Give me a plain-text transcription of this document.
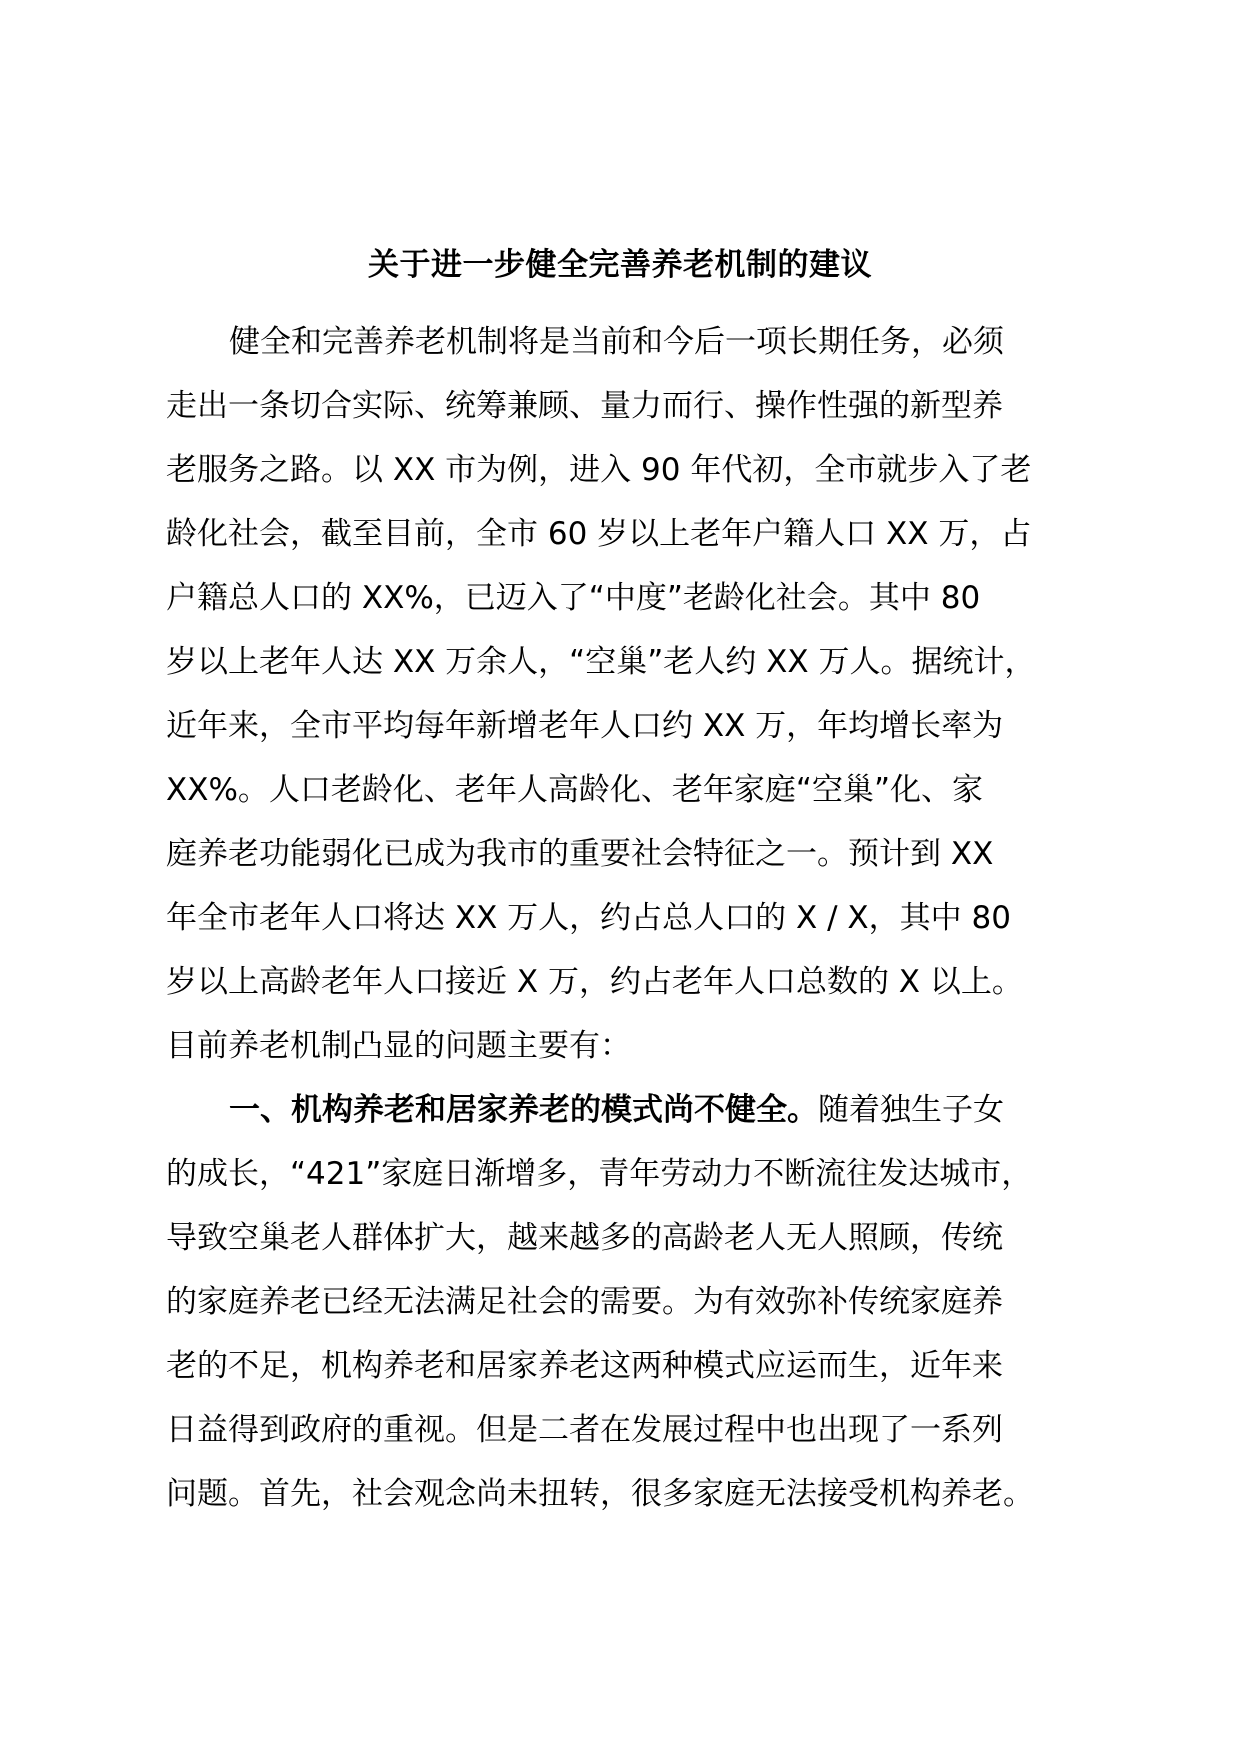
关于进一步健全完善养老机制的建议
健全和完善养老机制将是当前和今后一项长期任务，必须
走出一条切合实际、统筹兼顾、量力而行、操作性强的新型养
老服务之路。以 XX 市为例，进入 90 年代初，全市就步入了老
龄化社会，截至目前，全市 60 岁以上老年户籍人口 XX 万，占
户籍总人口的 XX%，已迈入了“中度”老龄化社会。其中 80
岁以上老年人达 XX 万余人，“空巢”老人约 XX 万人。据统计，
近年来，全市平均每年新增老年人口约 XX 万，年均增长率为
XX%。人口老龄化、老年人高龄化、老年家庭“空巢”化、家
庭养老功能弱化已成为我市的重要社会特征之一。预计到 XX
年全市老年人口将达 XX 万人，约占总人口的 X / X，其中 80
岁以上高龄老年人口接近 X 万，约占老年人口总数的 X 以上。
目前养老机制凸显的问题主要有：
一、机构养老和居家养老的模式尚不健全。随着独生子女
的成长，“421”家庭日渐增多，青年劳动力不断流往发达城市，
导致空巢老人群体扩大，越来越多的高龄老人无人照顾，传统
的家庭养老已经无法满足社会的需要。为有效弥补传统家庭养
老的不足，机构养老和居家养老这两种模式应运而生，近年来
日益得到政府的重视。但是二者在发展过程中也出现了一系列
问题。首先，社会观念尚未扭转，很多家庭无法接受机构养老。
